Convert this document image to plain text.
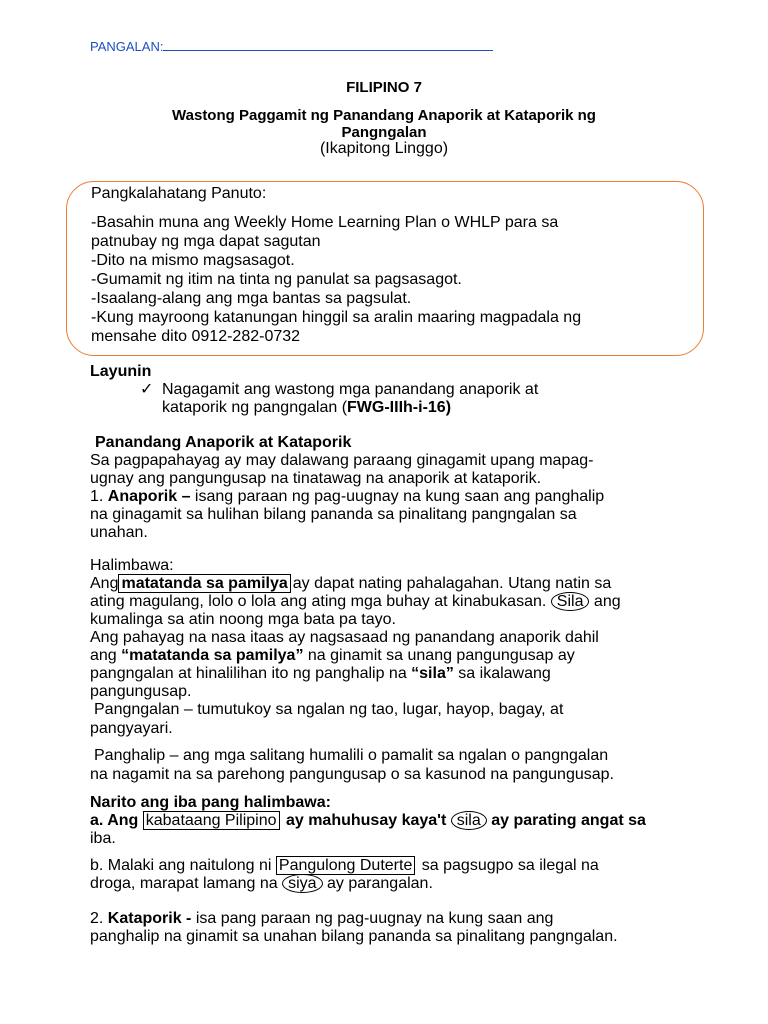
PANGALAN:
FILIPINO 7
Wastong Paggamit ng Panandang Anaporik at Kataporik ng
Pangngalan
(Ikapitong Linggo)
Pangkalahatang Panuto:
-Basahin muna ang Weekly Home Learning Plan o WHLP para sa
patnubay ng mga dapat sagutan
-Dito na mismo magsasagot.
-Gumamit ng itim na tinta ng panulat sa pagsasagot.
-Isaalang-alang ang mga bantas sa pagsulat.
-Kung mayroong katanungan hinggil sa aralin maaring magpadala ng
mensahe dito 0912-282-0732
Layunin
✓ Nagagamit ang wastong mga panandang anaporik at
kataporik ng pangngalan (FWG-IIIh-i-16)
Panandang Anaporik at Kataporik
Sa pagpapahayag ay may dalawang paraang ginagamit upang mapag-
ugnay ang pangungusap na tinatawag na anaporik at kataporik.
1. Anaporik – isang paraan ng pag-uugnay na kung saan ang panghalip
na ginagamit sa hulihan bilang pananda sa pinalitang pangngalan sa
unahan.
Halimbawa:
Ang matatanda sa pamilya ay dapat nating pahalagahan. Utang natin sa
ating magulang, lolo o lola ang ating mga buhay at kinabukasan. Sila ang
kumalinga sa atin noong mga bata pa tayo.
Ang pahayag na nasa itaas ay nagsasaad ng panandang anaporik dahil
ang “matatanda sa pamilya” na ginamit sa unang pangungusap ay
pangngalan at hinalilihan ito ng panghalip na “sila” sa ikalawang
pangungusap.
Pangngalan – tumutukoy sa ngalan ng tao, lugar, hayop, bagay, at
pangyayari.
Panghalip – ang mga salitang humalili o pamalit sa ngalan o pangngalan
na nagamit na sa parehong pangungusap o sa kasunod na pangungusap.
Narito ang iba pang halimbawa:
a. Ang kabataang Pilipino ay mahuhusay kaya't sila ay parating angat sa
iba.
b. Malaki ang naitulong ni Pangulong Duterte sa pagsugpo sa ilegal na
droga, marapat lamang na siya ay parangalan.
2. Kataporik - isa pang paraan ng pag-uugnay na kung saan ang
panghalip na ginamit sa unahan bilang pananda sa pinalitang pangngalan.
